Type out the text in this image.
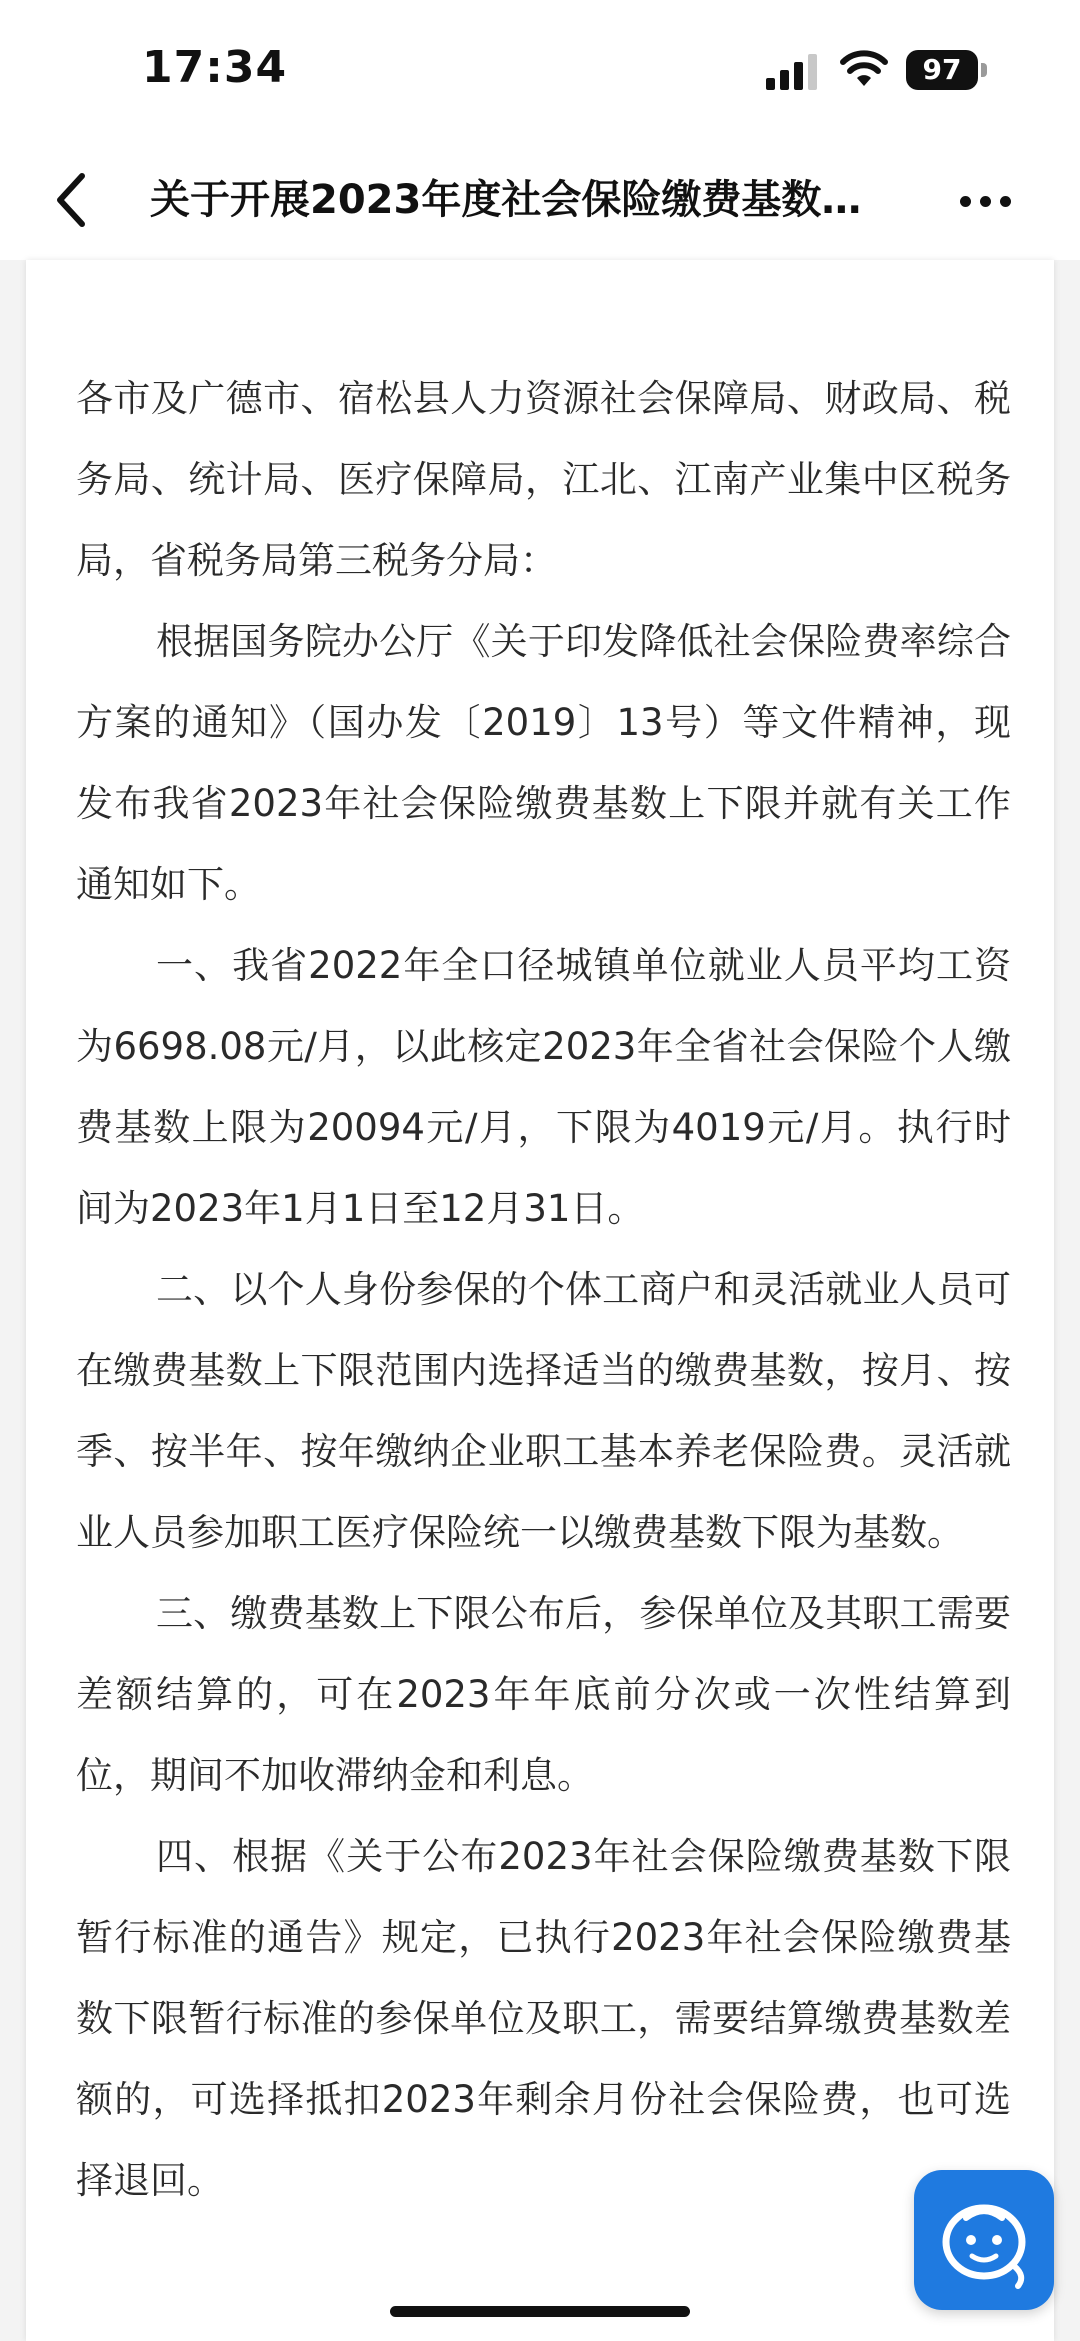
17:34	97
关于开展2023年度社会保险缴费基数…

各市及广德市、宿松县人力资源社会保障局、财政局、税务局、统计局、医疗保障局，江北、江南产业集中区税务局，省税务局第三税务分局：

根据国务院办公厅《关于印发降低社会保险费率综合方案的通知》（国办发〔2019〕13号）等文件精神，现发布我省2023年社会保险缴费基数上下限并就有关工作通知如下。

一、我省2022年全口径城镇单位就业人员平均工资为6698.08元/月，以此核定2023年全省社会保险个人缴费基数上限为20094元/月，下限为4019元/月。执行时间为2023年1月1日至12月31日。

二、以个人身份参保的个体工商户和灵活就业人员可在缴费基数上下限范围内选择适当的缴费基数，按月、按季、按半年、按年缴纳企业职工基本养老保险费。灵活就业人员参加职工医疗保险统一以缴费基数下限为基数。

三、缴费基数上下限公布后，参保单位及其职工需要差额结算的，可在2023年年底前分次或一次性结算到位，期间不加收滞纳金和利息。

四、根据《关于公布2023年社会保险缴费基数下限暂行标准的通告》规定，已执行2023年社会保险缴费基数下限暂行标准的参保单位及职工，需要结算缴费基数差额的，可选择抵扣2023年剩余月份社会保险费，也可选择退回。
